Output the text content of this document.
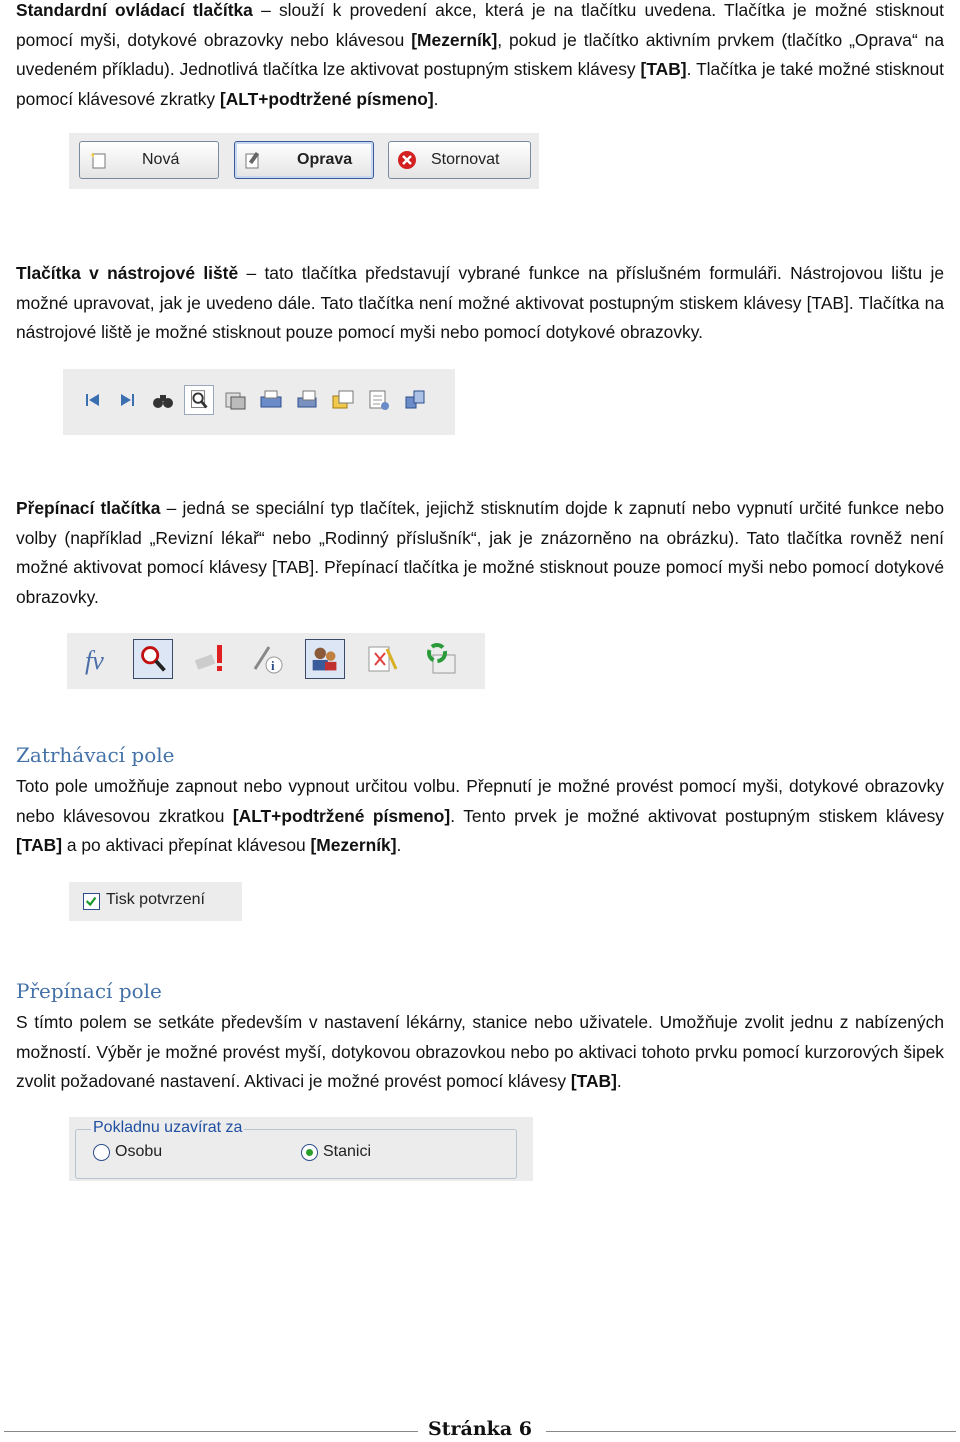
Standardní ovládací tlačítka – slouží k provedení akce, která je na tlačítku uvedena. Tlačítka je možné stisknout pomocí myši, dotykové obrazovky nebo klávesou [Mezerník], pokud je tlačítko aktivním prvkem (tlačítko „Oprava“ na uvedeném příkladu). Jednotlivá tlačítka lze aktivovat postupným stiskem klávesy [TAB]. Tlačítka je také možné stisknout pomocí klávesové zkratky [ALT+podtržené písmeno].

Nová	Oprava	Stornovat

Tlačítka v nástrojové liště – tato tlačítka představují vybrané funkce na příslušném formuláři. Nástrojovou lištu je možné upravovat, jak je uvedeno dále. Tato tlačítka není možné aktivovat postupným stiskem klávesy [TAB]. Tlačítka na nástrojové liště je možné stisknout pouze pomocí myši nebo pomocí dotykové obrazovky.

Přepínací tlačítka – jedná se speciální typ tlačítek, jejichž stisknutím dojde k zapnutí nebo vypnutí určité funkce nebo volby (například „Revizní lékař“ nebo „Rodinný příslušník“, jak je znázorněno na obrázku). Tato tlačítka rovněž není možné aktivovat pomocí klávesy [TAB]. Přepínací tlačítka je možné stisknout pouze pomocí myši nebo pomocí dotykové obrazovky.

fv	i
Zatrhávací pole

Toto pole umožňuje zapnout nebo vypnout určitou volbu. Přepnutí je možné provést pomocí myši, dotykové obrazovky nebo klávesovou zkratkou [ALT+podtržené písmeno]. Tento prvek je možné aktivovat postupným stiskem klávesy [TAB] a po aktivaci přepínat klávesou [Mezerník].

Tisk potvrzení
Přepínací pole

S tímto polem se setkáte především v nastavení lékárny, stanice nebo uživatele. Umožňuje zvolit jednu z nabízených možností. Výběr je možné provést myší, dotykovou obrazovkou nebo po aktivaci tohoto prvku pomocí kurzorových šipek zvolit požadované nastavení. Aktivaci je možné provést pomocí klávesy [TAB].

Pokladnu uzavírat za
Osobu	Stanici
Stránka 6
